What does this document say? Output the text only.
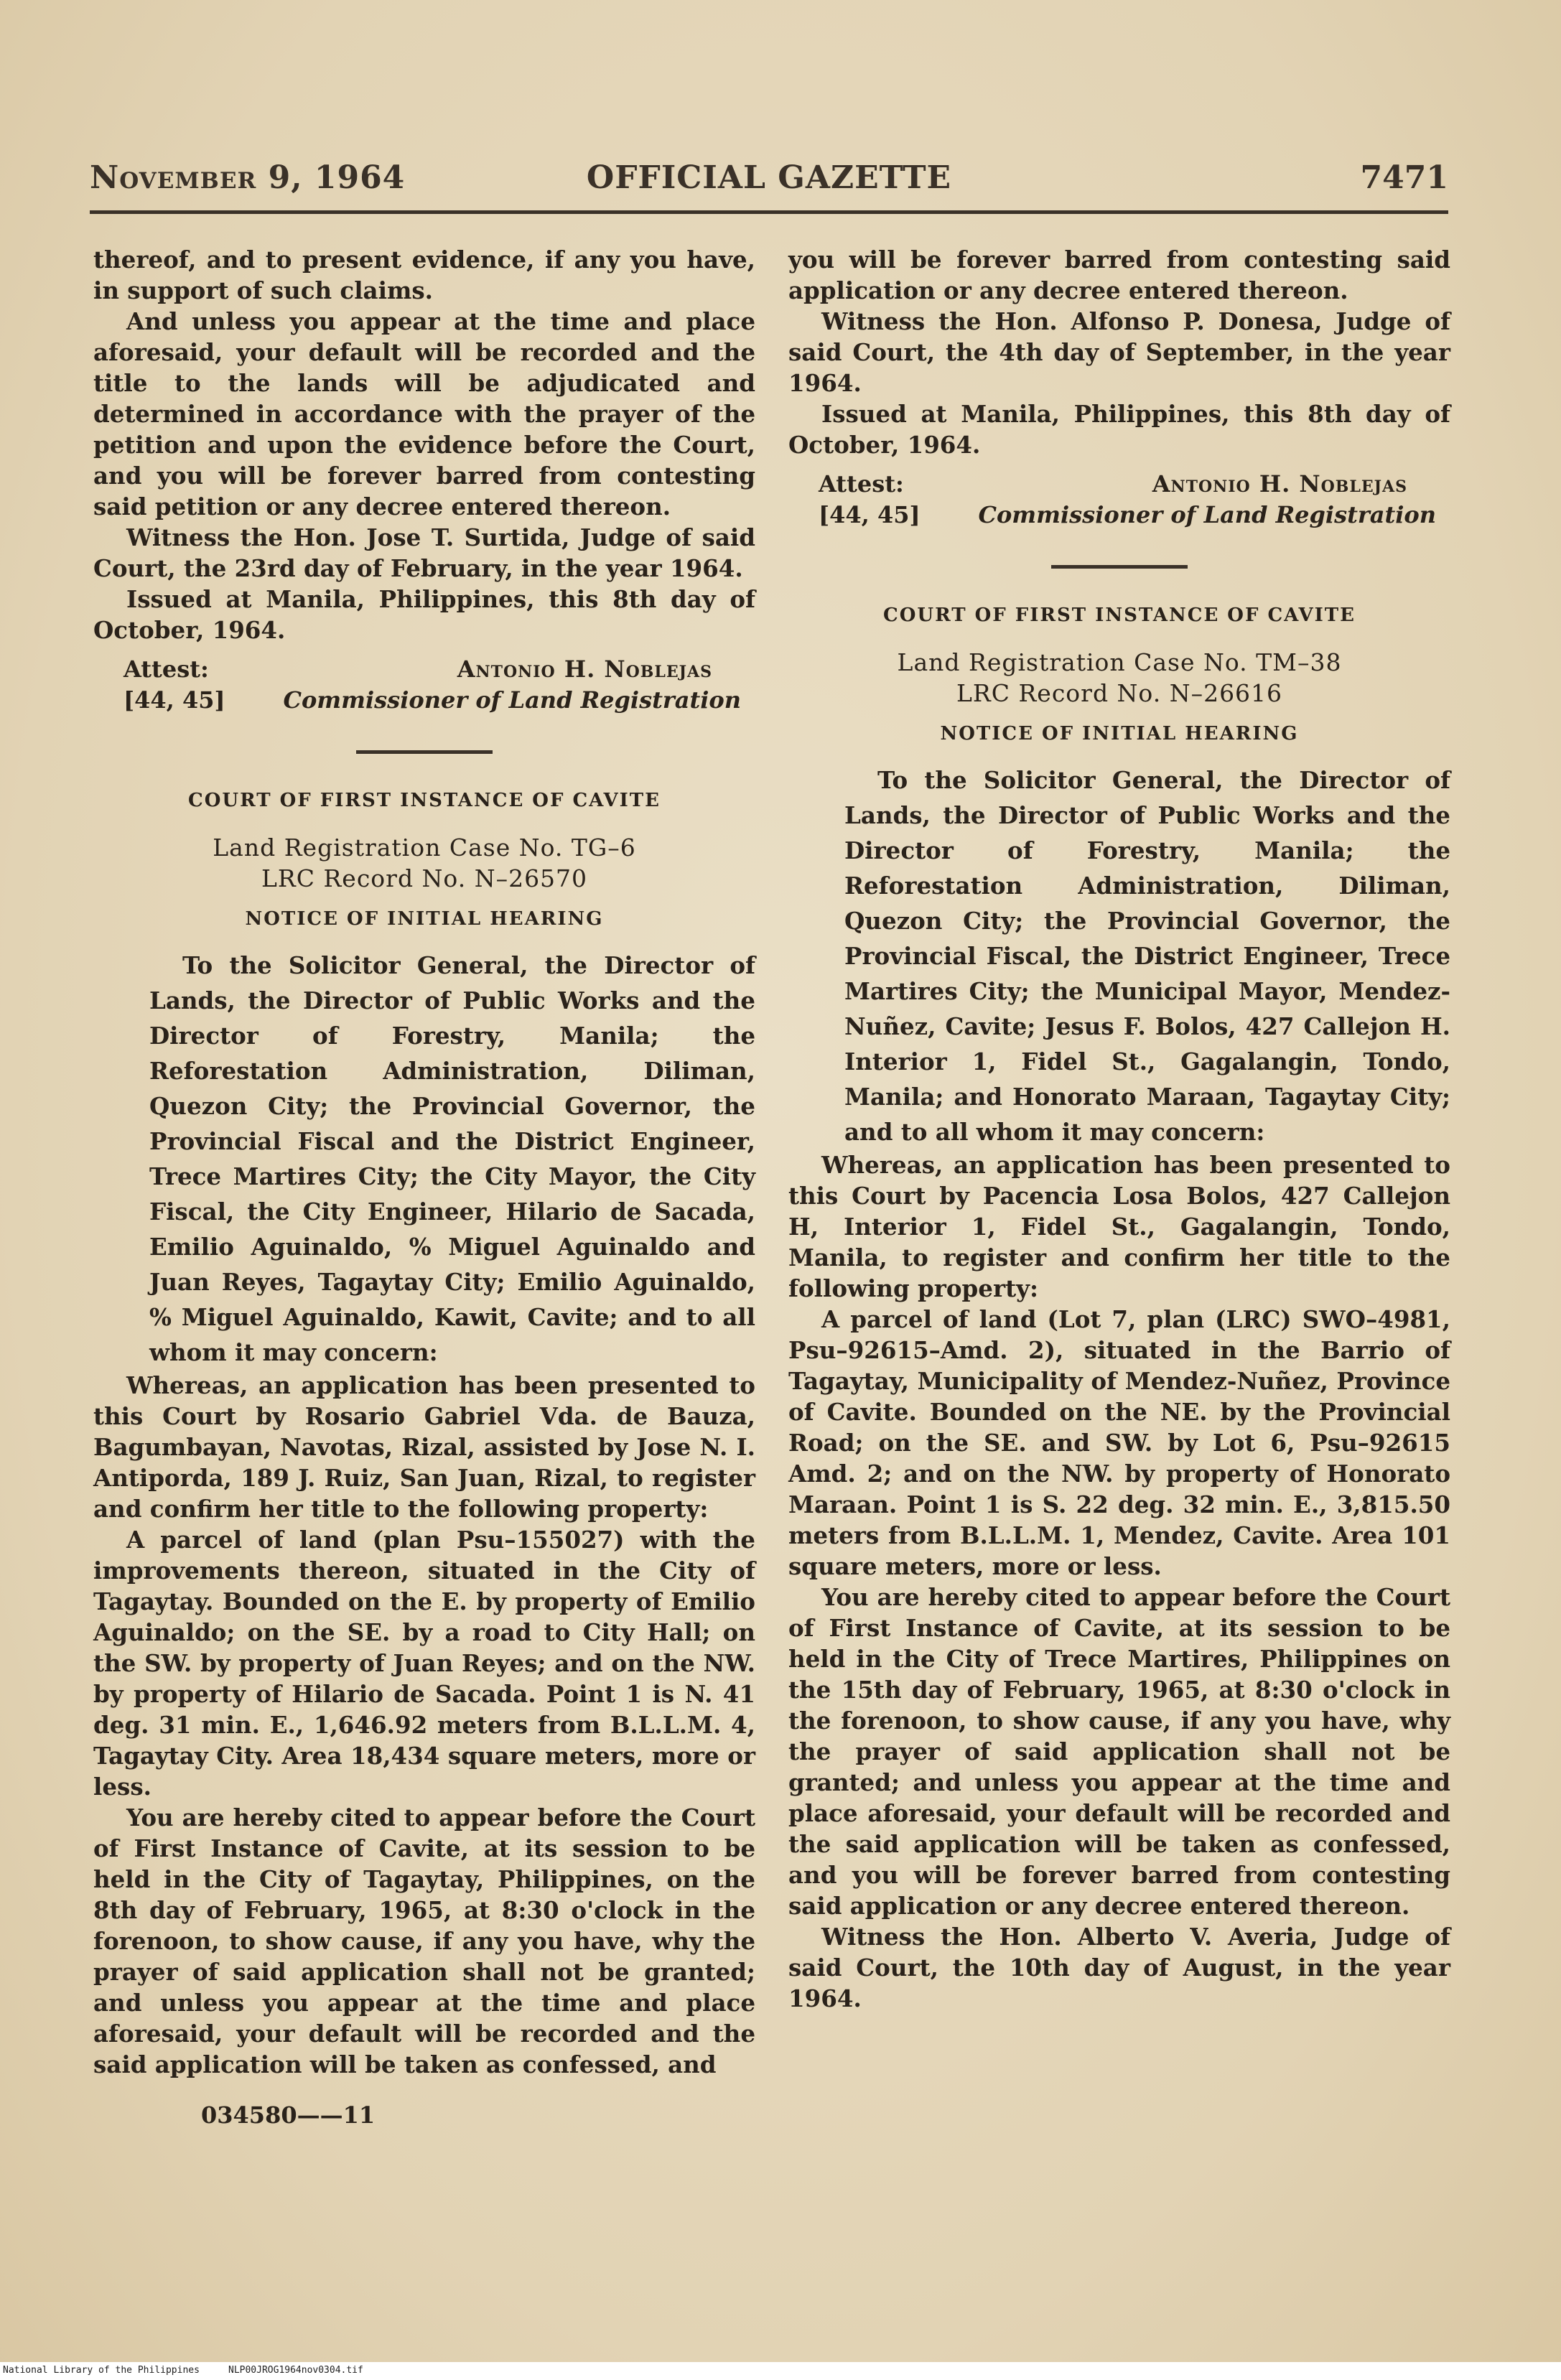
November 9, 1964	OFFICIAL GAZETTE	7471

thereof, and to present evidence, if any you have, in support of such claims.

And unless you appear at the time and place aforesaid, your default will be recorded and the title to the lands will be adjudicated and determined in accordance with the prayer of the petition and upon the evidence before the Court, and you will be forever barred from contesting said petition or any decree entered thereon.

Witness the Hon. Jose T. Surtida, Judge of said Court, the 23rd day of February, in the year 1964.

Issued at Manila, Philippines, this 8th day of October, 1964.

Attest:
[44, 45]
Antonio H. Noblejas
Commissioner of Land Registration
COURT OF FIRST INSTANCE OF CAVITE
Land Registration Case No. TG–6
LRC Record No. N–26570
NOTICE OF INITIAL HEARING

To the Solicitor General, the Director of Lands, the Director of Public Works and the Director of Forestry, Manila; the Reforestation Administration, Diliman, Quezon City; the Provincial Governor, the Provincial Fiscal and the District Engineer, Trece Martires City; the City Mayor, the City Fiscal, the City Engineer, Hilario de Sacada, Emilio Aguinaldo, % Miguel Aguinaldo and Juan Reyes, Tagaytay City; Emilio Aguinaldo, % Miguel Aguinaldo, Kawit, Cavite; and to all whom it may concern:

Whereas, an application has been presented to this Court by Rosario Gabriel Vda. de Bauza, Bagumbayan, Navotas, Rizal, assisted by Jose N. I. Antiporda, 189 J. Ruiz, San Juan, Rizal, to register and confirm her title to the following property:

A parcel of land (plan Psu–155027) with the improvements thereon, situated in the City of Tagaytay. Bounded on the E. by property of Emilio Aguinaldo; on the SE. by a road to City Hall; on the SW. by property of Juan Reyes; and on the NW. by property of Hilario de Sacada. Point 1 is N. 41 deg. 31 min. E., 1,646.92 meters from B.L.L.M. 4, Tagaytay City. Area 18,434 square meters, more or less.

You are hereby cited to appear before the Court of First Instance of Cavite, at its session to be held in the City of Tagaytay, Philippines, on the 8th day of February, 1965, at 8:30 o'clock in the forenoon, to show cause, if any you have, why the prayer of said application shall not be granted; and unless you appear at the time and place aforesaid, your default will be recorded and the said application will be taken as confessed, and

034580——11

you will be forever barred from contesting said application or any decree entered thereon.

Witness the Hon. Alfonso P. Donesa, Judge of said Court, the 4th day of September, in the year 1964.

Issued at Manila, Philippines, this 8th day of October, 1964.

Attest:
[44, 45]
Antonio H. Noblejas
Commissioner of Land Registration
COURT OF FIRST INSTANCE OF CAVITE
Land Registration Case No. TM–38
LRC Record No. N–26616
NOTICE OF INITIAL HEARING

To the Solicitor General, the Director of Lands, the Director of Public Works and the Director of Forestry, Manila; the Reforestation Administration, Diliman, Quezon City; the Provincial Governor, the Provincial Fiscal, the District Engineer, Trece Martires City; the Municipal Mayor, Mendez-Nuñez, Cavite; Jesus F. Bolos, 427 Callejon H. Interior 1, Fidel St., Gagalangin, Tondo, Manila; and Honorato Maraan, Tagaytay City; and to all whom it may concern:

Whereas, an application has been presented to this Court by Pacencia Losa Bolos, 427 Callejon H, Interior 1, Fidel St., Gagalangin, Tondo, Manila, to register and confirm her title to the following property:

A parcel of land (Lot 7, plan (LRC) SWO–4981, Psu–92615–Amd. 2), situated in the Barrio of Tagaytay, Municipality of Mendez-Nuñez, Province of Cavite. Bounded on the NE. by the Provincial Road; on the SE. and SW. by Lot 6, Psu–92615 Amd. 2; and on the NW. by property of Honorato Maraan. Point 1 is S. 22 deg. 32 min. E., 3,815.50 meters from B.L.L.M. 1, Mendez, Cavite. Area 101 square meters, more or less.

You are hereby cited to appear before the Court of First Instance of Cavite, at its session to be held in the City of Trece Martires, Philippines on the 15th day of February, 1965, at 8:30 o'clock in the forenoon, to show cause, if any you have, why the prayer of said application shall not be granted; and unless you appear at the time and place aforesaid, your default will be recorded and the said application will be taken as confessed, and you will be forever barred from contesting said application or any decree entered thereon.

Witness the Hon. Alberto V. Averia, Judge of said Court, the 10th day of August, in the year 1964.

National Library of the Philippines	NLP00JROG1964nov0304.tif
